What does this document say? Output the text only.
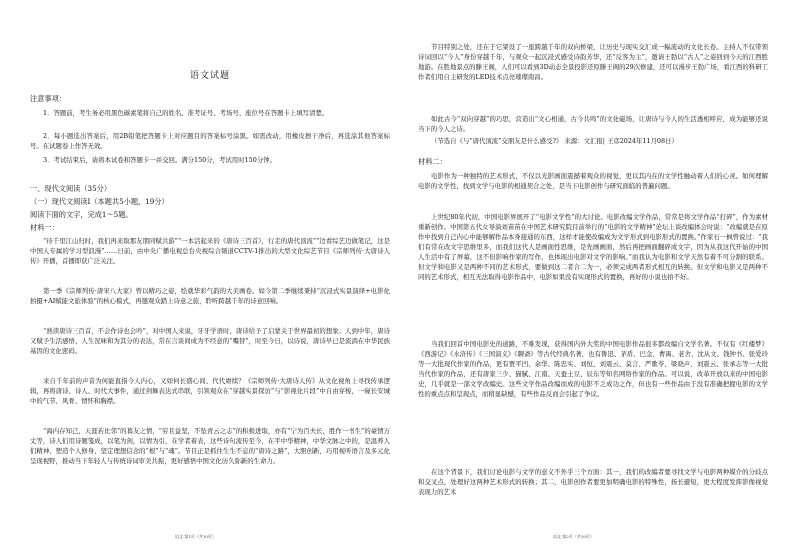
语文试题
注意事项：
1．答题前，考生务必用黑色碳素笔将自己的姓名、准考证号、考场号、座位号在答题卡上填写清楚。
2．每小题选出答案后，用2B铅笔把答题卡上对应题目的答案标号涂黑。如需改动，用橡皮擦干净后，再选涂其他答案标号。在试题卷上作答无效。
3．考试结束后，请将本试卷和答题卡一并交回。满分150分，考试用时150分钟。
一、现代文阅读（35分）
（一）现代文阅读Ⅰ（本题共5小题，19分）
阅读下面的文字，完成1～5题。
材料一：
“待千里江山归时，我们再来取那友朋同赋共游”“一本活起来的《唐诗三百首》，行走的唐代顶流”“边看综艺边做笔记，这是中国人专属的学习型浪漫”……日前，由中央广播电视总台央视综合频道CCTV-1推出的大型文化综艺节目《宗师列传·大唐诗人传》开播，首播即获广泛关注。
第一季《宗师列传·唐宋八大家》曾以精巧之姿，绘就华彩气韵的大美画卷。如今第二季继续秉持“沉浸式实景演绎+电影化拍摄+AI赋能文旅体验”的核心模式，再邀观众踏上诗意之旅，聆听跨越千年的诗意回响。
“熟读唐诗三百首，不会作诗也会吟”，对中国人来说，牙牙学语时，唐诗给予了启蒙关于世界最初的想象；人到中年，唐诗又赋予生活感悟、人生况味和为其分的表达，常在言谈间成为不经意的“嘴替”，时至今日，以诗说，唐诗早已是流淌在中华民族基因的文化密码。
来自千年前的声音为何能直指今人内心，又如何长盛心间、代代赓续？《宗师列传·大唐诗人传》从文化视角上寻找传承逻辑，再将唐诗、诗人、时代大事件，通过剑舞表达式串联，引领观众在“穿越实景探访”与“影视化片段”中自由穿梭，一窥长安城中的气节、风骨、情怀和胸襟。
“海内存知己，天涯若比邻”的暮友之情，“穷且益坚，不坠青云之志”的积极进取，亦有“宁为百夫长，胜作一书生”的豪情万丈等，诗人们用诗题笺成，以笔为剑，以情为引，在学者着表，这些诗句流传至今，在平中华精神，中华文脉之中的，是温养人们精神、塑造个人修身、坚定理想信念的“根”与“魂”。节目正是抓住生生不息的“唐诗之路”，大胆创新，巧用视听语言及多元化呈现视野，推动当下年轻人与传统诗词审美共振，更好感悟中国文化历久弥新的生命力。
语文·第1页（共10页）
节目特别之处，还在于它架设了一座跨越千年的双向桥梁，让历史与现实交汇成一幅流动的文化长卷。主持人不仅带领诗词回以“今人”身份穿越千年，与观众一起沉浸式感受诗韵芳华，还“反客为主”，邀请王勃以“古人”之姿回到今天的江西胜地游。在胜地景点的滕王阁，人们可以看到3D动态全景投影还原滕王阁的29次修建，还可以漫步王勃广场，看江西的科研工作者们用自主研发的LED技术点亮璀璨南昌。
如此古今“双向穿越”的巧思，营造出“文心相通，古今共鸣”的文化磁场，让唐诗与今人的生活透相呼应，成为能够还说当下的今人之诗。
（节选自《与“唐代顶流”交朋友是什么感受?》 来源：文汇报| 王彦2024年11月08日）
材料二：
电影作为一种独特的艺术形式，不仅以光影画面震撼着观众的视觉，更以其内在的文学性触动着人们的心灵。如何理解电影的文学性，找到文学与电影的相通契合之处，是当下电影创作与研究面临的普遍问题。
上世纪80年代初，中国电影界展开了“电影文学性”的大讨论。电影改编文学作品，常常是将文学作品“打碎”，作为素材重新创作。中国第五代女导演刘苗苗在中国艺术研究院目前举行的“电影的文学精神”论坛上谈改编体会时说：“改编就是在原作中找到自己内心中能够解作品本身接通的东西，这样才能使改编成为文学形式到电影形式的置换。”作家石一枫曾说过：“我们有常在改文字思维里多，而我们这代人是画面性思维，是先画画面，然后再把画面翻碎成文字，因为从我这代开始的中国人生活中有了屏幕，这不但影响作家的写作，也体现出电影对文学的影响。”而我认为电影和文学天然有着不可分割的联系。但文学和电影又是两种不同的艺术形式，要做到这二者合二为一，必须完成两者形式相互的转换。但文学和电影又是两种不同的艺术形式，相互无法取得电影作品中，电影如果没有实现形式的置换，再好的小说也拍不好。
当我们回首中国电影史的道路，不难发现，获得国内外大奖的中国电影作品很多都改编自文学名著。不仅有《红楼梦》《西游记》《水浒传》《三国演义》《聊斋》等古代经典名著，也有鲁迅、茅盾、巴金、曹禺、老舍、沈从文、钱钟书、张爱玲等一大批现代作家的作品，更有贾平凹、余华、陈忠实、刘恒、刘震云、莫言、严歌苓、梁晓声、刘震云、张承志等一大批当代作家的作品，还有唐家三少、猫腻、江南、天蚕土豆、辰东等知名网络作家的作品。可以说，改革开放以来的中国电影史，几乎就是一部文学改编史。这些文学作品改编而成的电影不乏成功之作，但也有一些作品由于没有准确把握电影的文学性的重点点和呈现点，而稍显缺憾，有些作品反而会引起了争议。
在这个背景下，我们讨论电影与文学的意义不外乎三个方面：其一，我们的改编者要寻找文学与电影两种媒介的分歧点和交叉点，处理好这两种艺术形式的转换；其二，电影创作者要更加明确电影的特殊性，扬长避短，更大程度发挥影像视觉表现力的艺术
语文·第2页（共10页）
